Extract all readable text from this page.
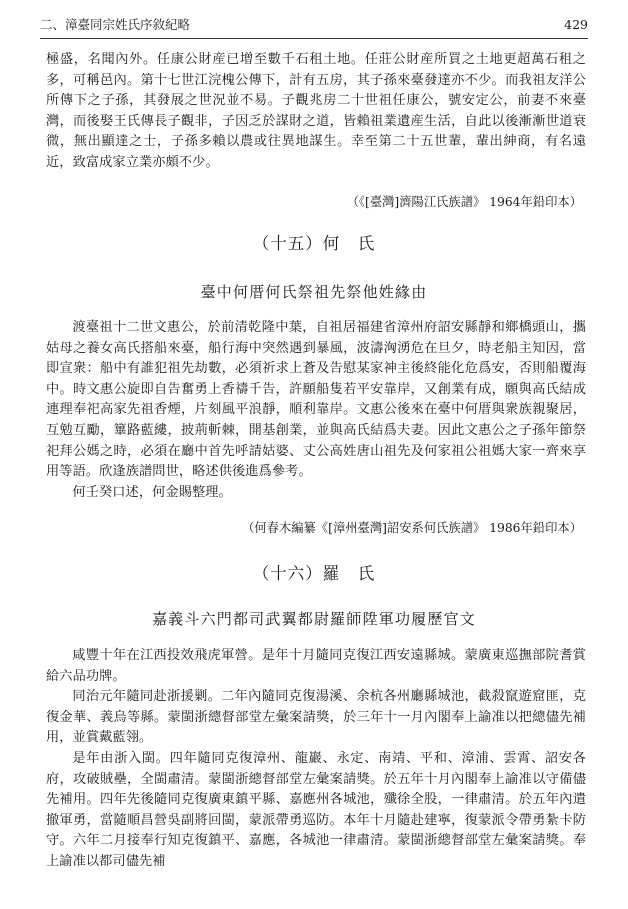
二、漳臺同宗姓氏序敘紀略	429

極盛，名聞內外。任康公財産已增至數千石租土地。任莊公財産所買之土地更超萬石租之多，可稱邑內。第十七世江浣槐公傳下，計有五房，其子孫來臺發達亦不少。而我祖友洋公所傳下之子孫，其發展之世況並不易。子觀兆房二十世祖任康公，號安定公，前妻不來臺灣，而後娶王氏傳長子觀非，子因乏於謀財之道，皆賴祖業遺産生活，自此以後漸漸世道衰微，無出顯達之士，子孫多賴以農或往異地謀生。幸至第二十五世輩，輩出紳商，有名遠近，致富成家立業亦頗不少。

（《[臺灣]濟陽江氏族譜》 1964年鉛印本）
（十五）何　氏
臺中何厝何氏祭祖先祭他姓緣由

渡臺祖十二世文惠公，於前清乾隆中葉，自祖居福建省漳州府詔安縣靜和鄉橋頭山，攜姑母之養女高氏搭船來臺，船行海中突然遇到暴風，波濤洶湧危在旦夕，時老船主知因，當即宣衆：船中有誰犯祖先劫數，必須祈求上蒼及告慰某家神主後終能化危爲安，否則船覆海中。時文惠公旋即自告奮勇上香禱千告，許願船隻若平安靠岸，又創業有成，願與高氏結成連理奉祀高家先祖香煙，片刻風平浪靜，順利靠岸。文惠公後來在臺中何厝與衆族親聚居，互勉互勵，篳路藍縷，披荊斬棘，開基創業，並與高氏結爲夫妻。因此文惠公之子孫年節祭祀拜公媽之時，必須在廳中首先呼請姑婆、丈公高姓唐山祖先及何家祖公祖媽大家一齊來享用等語。欣逢族譜問世，略述供後進爲參考。

何壬癸口述，何金賜整理。

（何春木編纂《[漳州臺灣]詔安系何氏族譜》 1986年鉛印本）
（十六）羅　氏
嘉義斗六門都司武翼都尉羅師陞軍功履歷官文

咸豐十年在江西投效飛虎軍營。是年十月隨同克復江西安遠縣城。蒙廣東巡撫部院耆賞給六品功牌。

同治元年隨同赴浙援剿。二年內隨同克復湯溪、余杭各州廳縣城池，截殺竄遊窟匪，克復金華、義烏等縣。蒙閩浙總督部堂左彙案請獎，於三年十一月內閣奉上諭准以把總儘先補用，並賞戴藍翎。

是年由浙入閩。四年隨同克復漳州、龍巖、永定、南靖、平和、漳浦、雲霄、詔安各府，攻破賊壘，全閩肅清。蒙閩浙總督部堂左彙案請獎。於五年十月內閣奉上諭准以守備儘先補用。四年先後隨同克復廣東鎮平縣、嘉應州各城池，殲徐全股，一律肅清。於五年內遣撤軍勇，當隨順昌營吳副將回閩，蒙派帶勇巡防。本年十月隨赴建寧，復蒙派令帶勇紮卡防守。六年二月接奉行知克復鎮平、嘉應，各城池一律肅清。蒙閩浙總督部堂左彙案請獎。奉上諭准以都司儘先補
